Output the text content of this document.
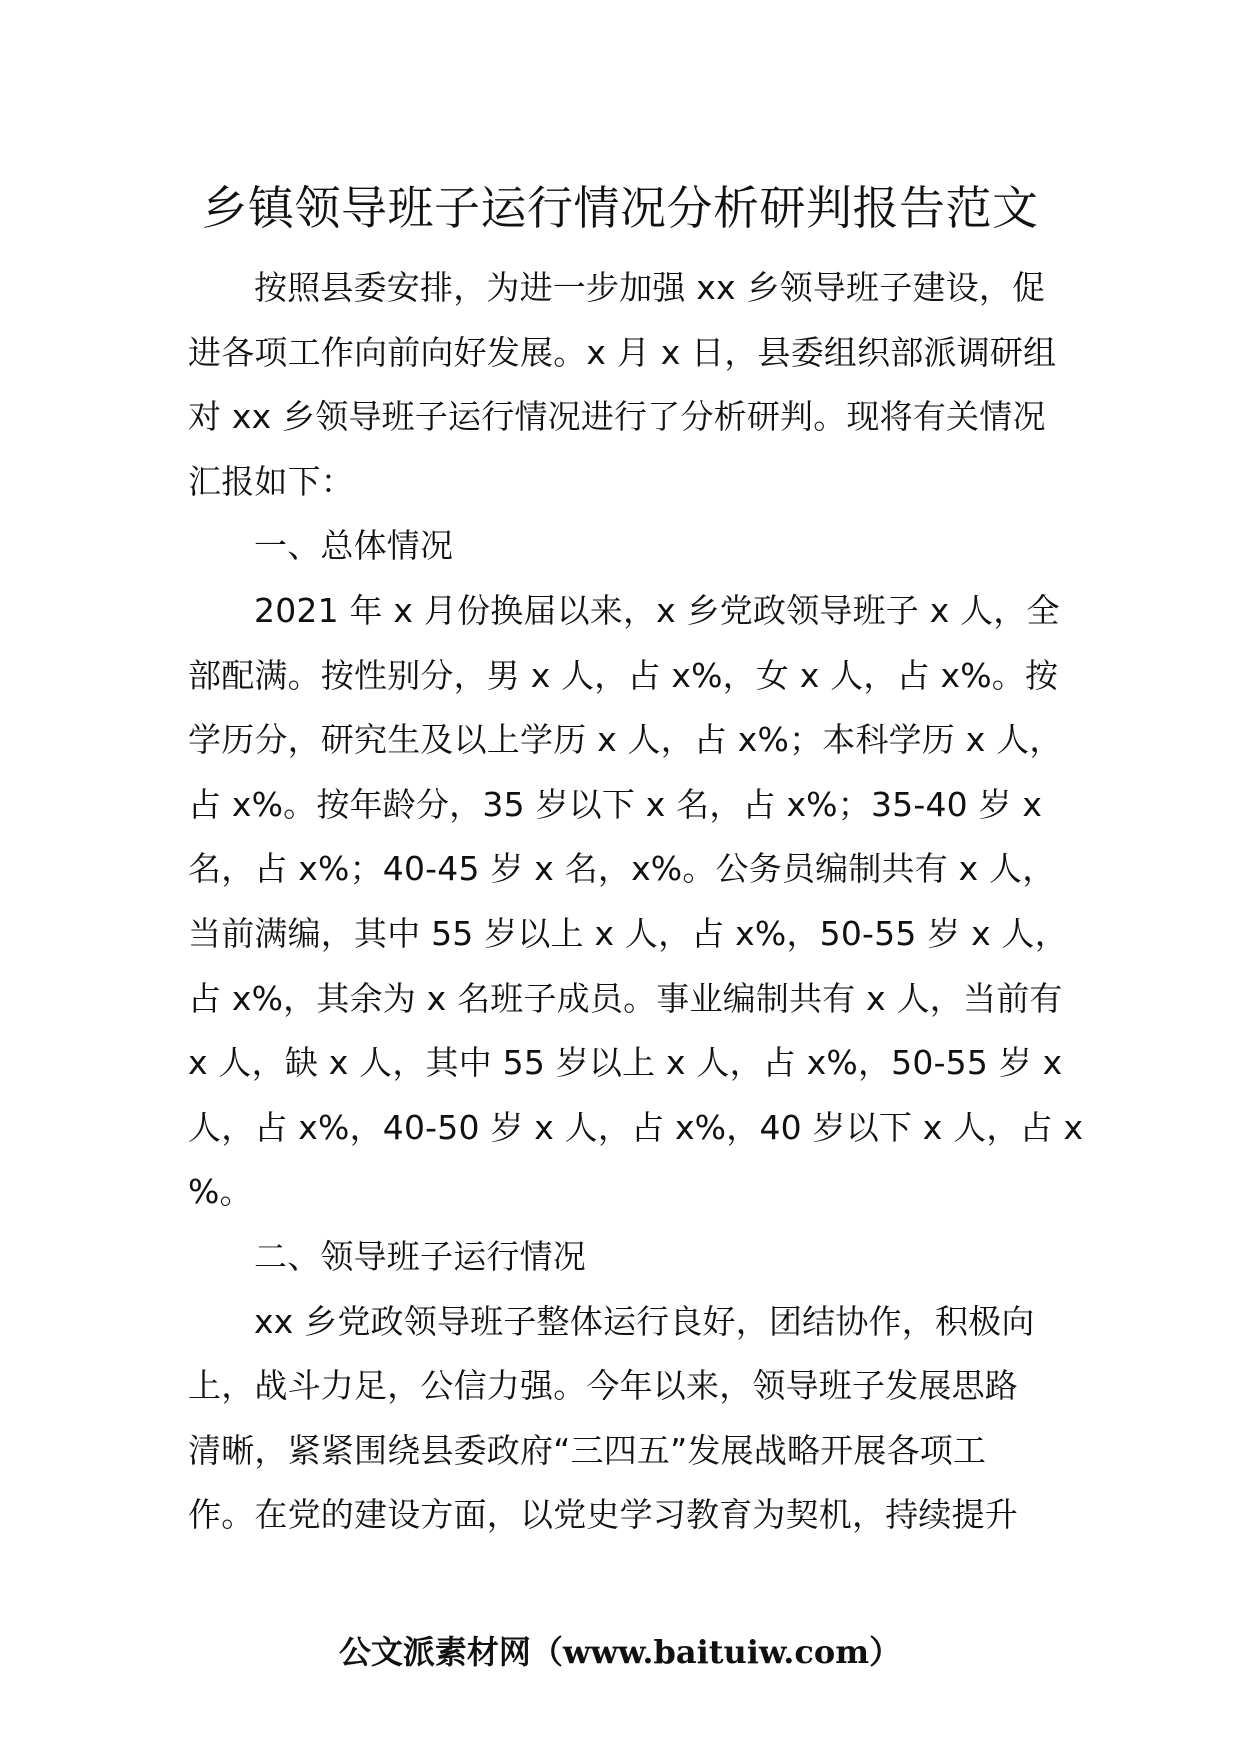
乡镇领导班子运行情况分析研判报告范文
按照县委安排，为进一步加强 xx 乡领导班子建设，促
进各项工作向前向好发展。x 月 x 日，县委组织部派调研组
对 xx 乡领导班子运行情况进行了分析研判。现将有关情况
汇报如下：
一、总体情况
2021 年 x 月份换届以来，x 乡党政领导班子 x 人，全
部配满。按性别分，男 x 人，占 x%，女 x 人，占 x%。按
学历分，研究生及以上学历 x 人，占 x%；本科学历 x 人，
占 x%。按年龄分，35 岁以下 x 名，占 x%；35-40 岁 x
名，占 x%；40-45 岁 x 名，x%。公务员编制共有 x 人，
当前满编，其中 55 岁以上 x 人，占 x%，50-55 岁 x 人，
占 x%，其余为 x 名班子成员。事业编制共有 x 人，当前有
x 人，缺 x 人，其中 55 岁以上 x 人，占 x%，50-55 岁 x
人，占 x%，40-50 岁 x 人，占 x%，40 岁以下 x 人，占 x
%。
二、领导班子运行情况
xx 乡党政领导班子整体运行良好，团结协作，积极向
上，战斗力足，公信力强。今年以来，领导班子发展思路
清晰，紧紧围绕县委政府“三四五”发展战略开展各项工
作。在党的建设方面，以党史学习教育为契机，持续提升
公文派素材网（www.baituiw.com）
